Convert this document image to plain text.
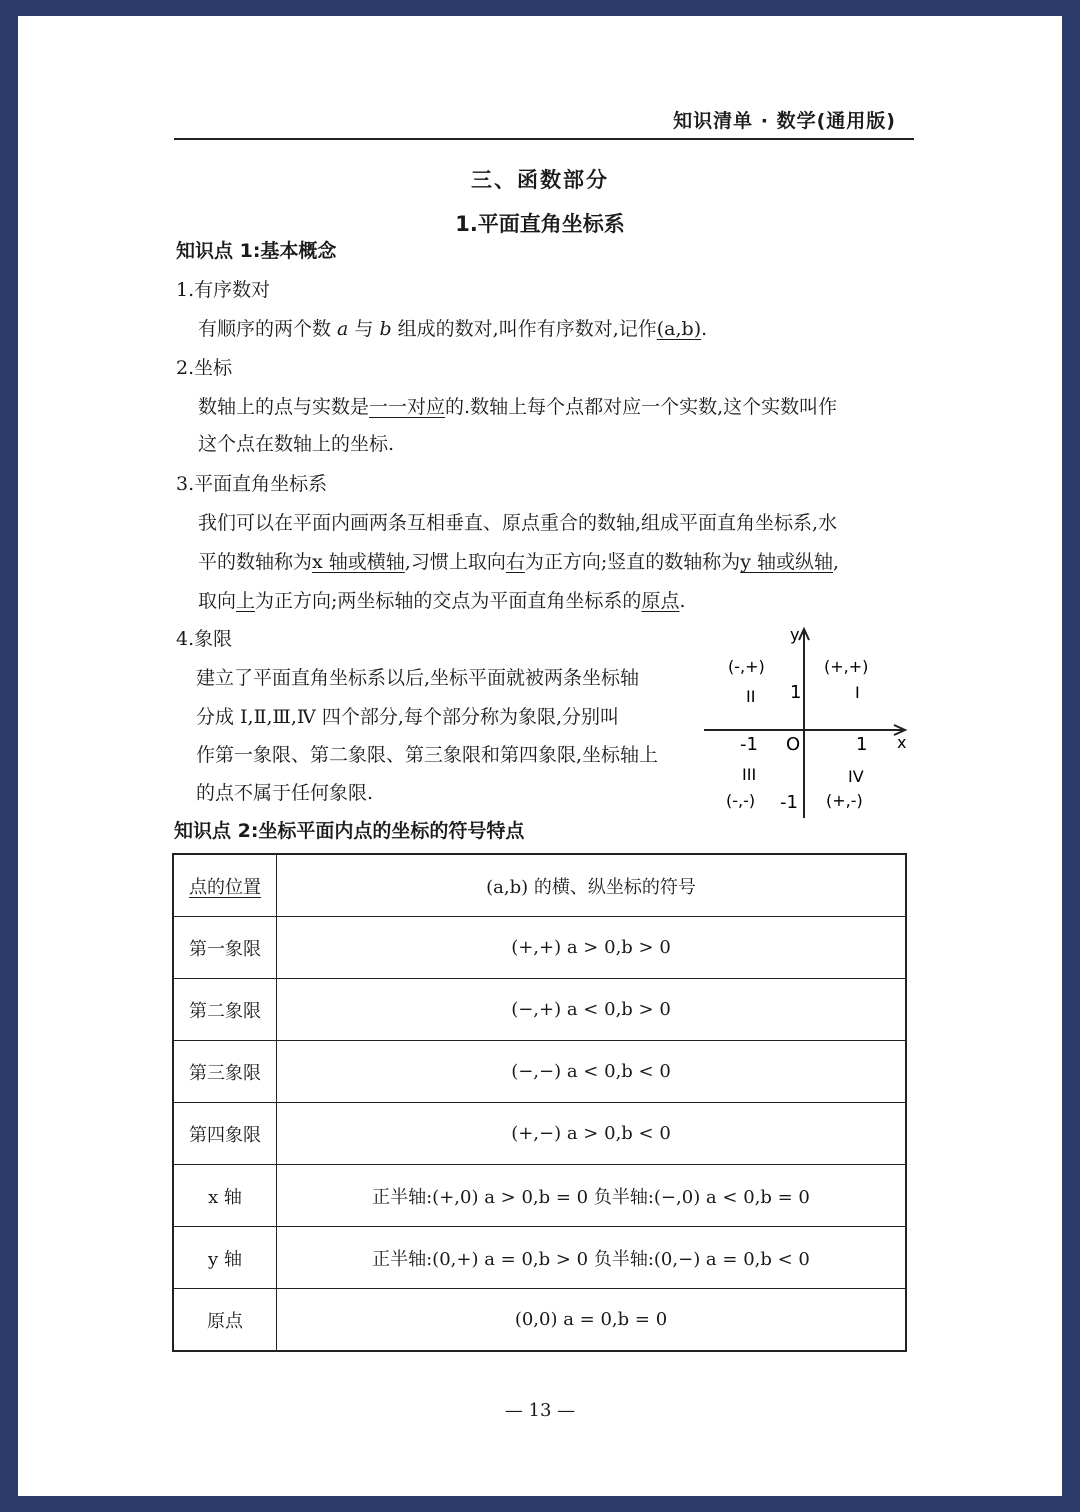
知识清单 · 数学(通用版)
三、函数部分
1.平面直角坐标系
知识点 1:基本概念
1.有序数对
有顺序的两个数 a 与 b 组成的数对,叫作有序数对,记作(a,b).
2.坐标
数轴上的点与实数是一一对应的.数轴上每个点都对应一个实数,这个实数叫作
这个点在数轴上的坐标.
3.平面直角坐标系
我们可以在平面内画两条互相垂直、原点重合的数轴,组成平面直角坐标系,水
平的数轴称为x 轴或横轴,习惯上取向右为正方向;竖直的数轴称为y 轴或纵轴,
取向上为正方向;两坐标轴的交点为平面直角坐标系的原点.
4.象限
建立了平面直角坐标系以后,坐标平面就被两条坐标轴
分成 Ⅰ,Ⅱ,Ⅲ,Ⅳ 四个部分,每个部分称为象限,分别叫
作第一象限、第二象限、第三象限和第四象限,坐标轴上
的点不属于任何象限.
y
x
O	1
-1
1
-1
(+,+)
I
(-,+)
II
(-,-)
III
(+,-)
IV
知识点 2:坐标平面内点的坐标的符号特点
点的位置	(a,b) 的横、纵坐标的符号
第一象限	(+,+) a > 0,b > 0
第二象限	(−,+) a < 0,b > 0
第三象限	(−,−) a < 0,b < 0
第四象限	(+,−) a > 0,b < 0
x 轴	正半轴:(+,0) a > 0,b = 0 负半轴:(−,0) a < 0,b = 0
y 轴	正半轴:(0,+) a = 0,b > 0 负半轴:(0,−) a = 0,b < 0
原点	(0,0) a = 0,b = 0
— 13 —
